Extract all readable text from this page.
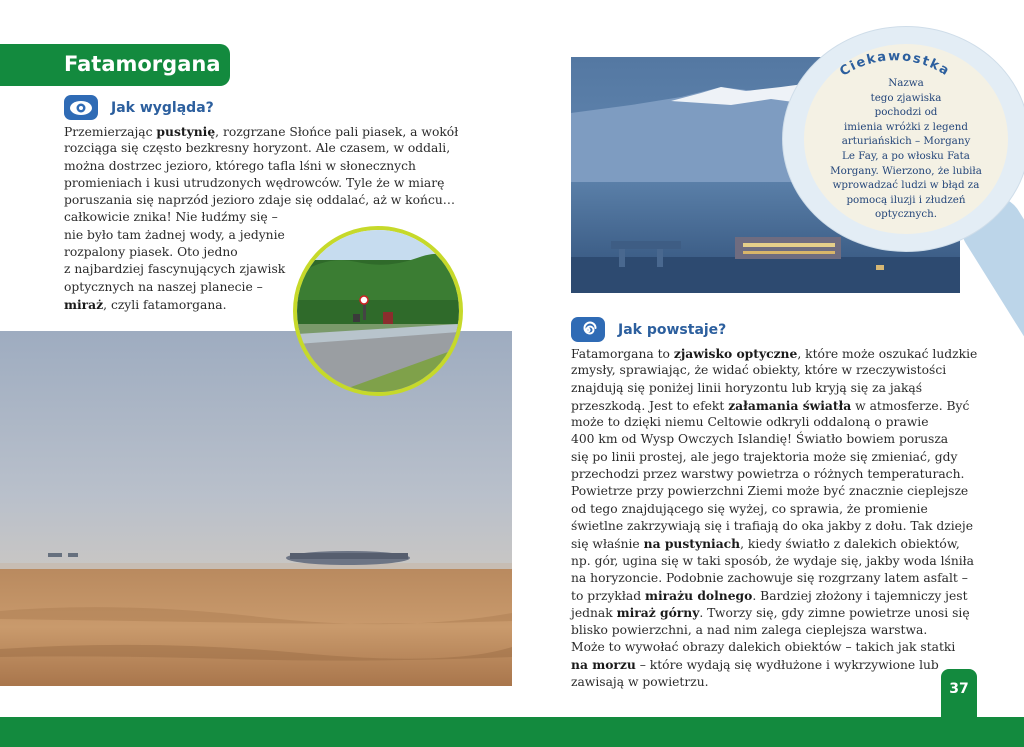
Fatamorgana
Jak wygląda?
Przemierzając pustynię, rozgrzane Słońce pali piasek, a wokół
rozciąga się często bezkresny horyzont. Ale czasem, w oddali,
można dostrzec jezioro, którego tafla lśni w słonecznych
promieniach i kusi utrudzonych wędrowców. Tyle że w miarę
poruszania się naprzód jezioro zdaje się oddalać, aż w końcu…
całkowicie znika! Nie łudźmy się –
nie było tam żadnej wody, a jedynie
rozpalony piasek. Oto jedno
z najbardziej fascynujących zjawisk
optycznych na naszej planecie –
miraż, czyli fatamorgana.
Ciekawostka
Nazwa
tego zjawiska
pochodzi od
imienia wróżki z legend
arturiańskich – Morgany
Le Fay, a po włosku Fata
Morgany. Wierzono, że lubiła
wprowadzać ludzi w błąd za
pomocą iluzji i złudzeń
optycznych.
Jak powstaje?
Fatamorgana to zjawisko optyczne, które może oszukać ludzkie
zmysły, sprawiając, że widać obiekty, które w rzeczywistości
znajdują się poniżej linii horyzontu lub kryją się za jakąś
przeszkodą. Jest to efekt załamania światła w atmosferze. Być
może to dzięki niemu Celtowie odkryli oddaloną o prawie
400 km od Wysp Owczych Islandię! Światło bowiem porusza
się po linii prostej, ale jego trajektoria może się zmieniać, gdy
przechodzi przez warstwy powietrza o różnych temperaturach.
Powietrze przy powierzchni Ziemi może być znacznie cieplejsze
od tego znajdującego się wyżej, co sprawia, że promienie
świetlne zakrzywiają się i trafiają do oka jakby z dołu. Tak dzieje
się właśnie na pustyniach, kiedy światło z dalekich obiektów,
np. gór, ugina się w taki sposób, że wydaje się, jakby woda lśniła
na horyzoncie. Podobnie zachowuje się rozgrzany latem asfalt –
to przykład mirażu dolnego. Bardziej złożony i tajemniczy jest
jednak miraż górny. Tworzy się, gdy zimne powietrze unosi się
blisko powierzchni, a nad nim zalega cieplejsza warstwa.
Może to wywołać obrazy dalekich obiektów – takich jak statki
na morzu – które wydają się wydłużone i wykrzywione lub
zawisają w powietrzu.	37
